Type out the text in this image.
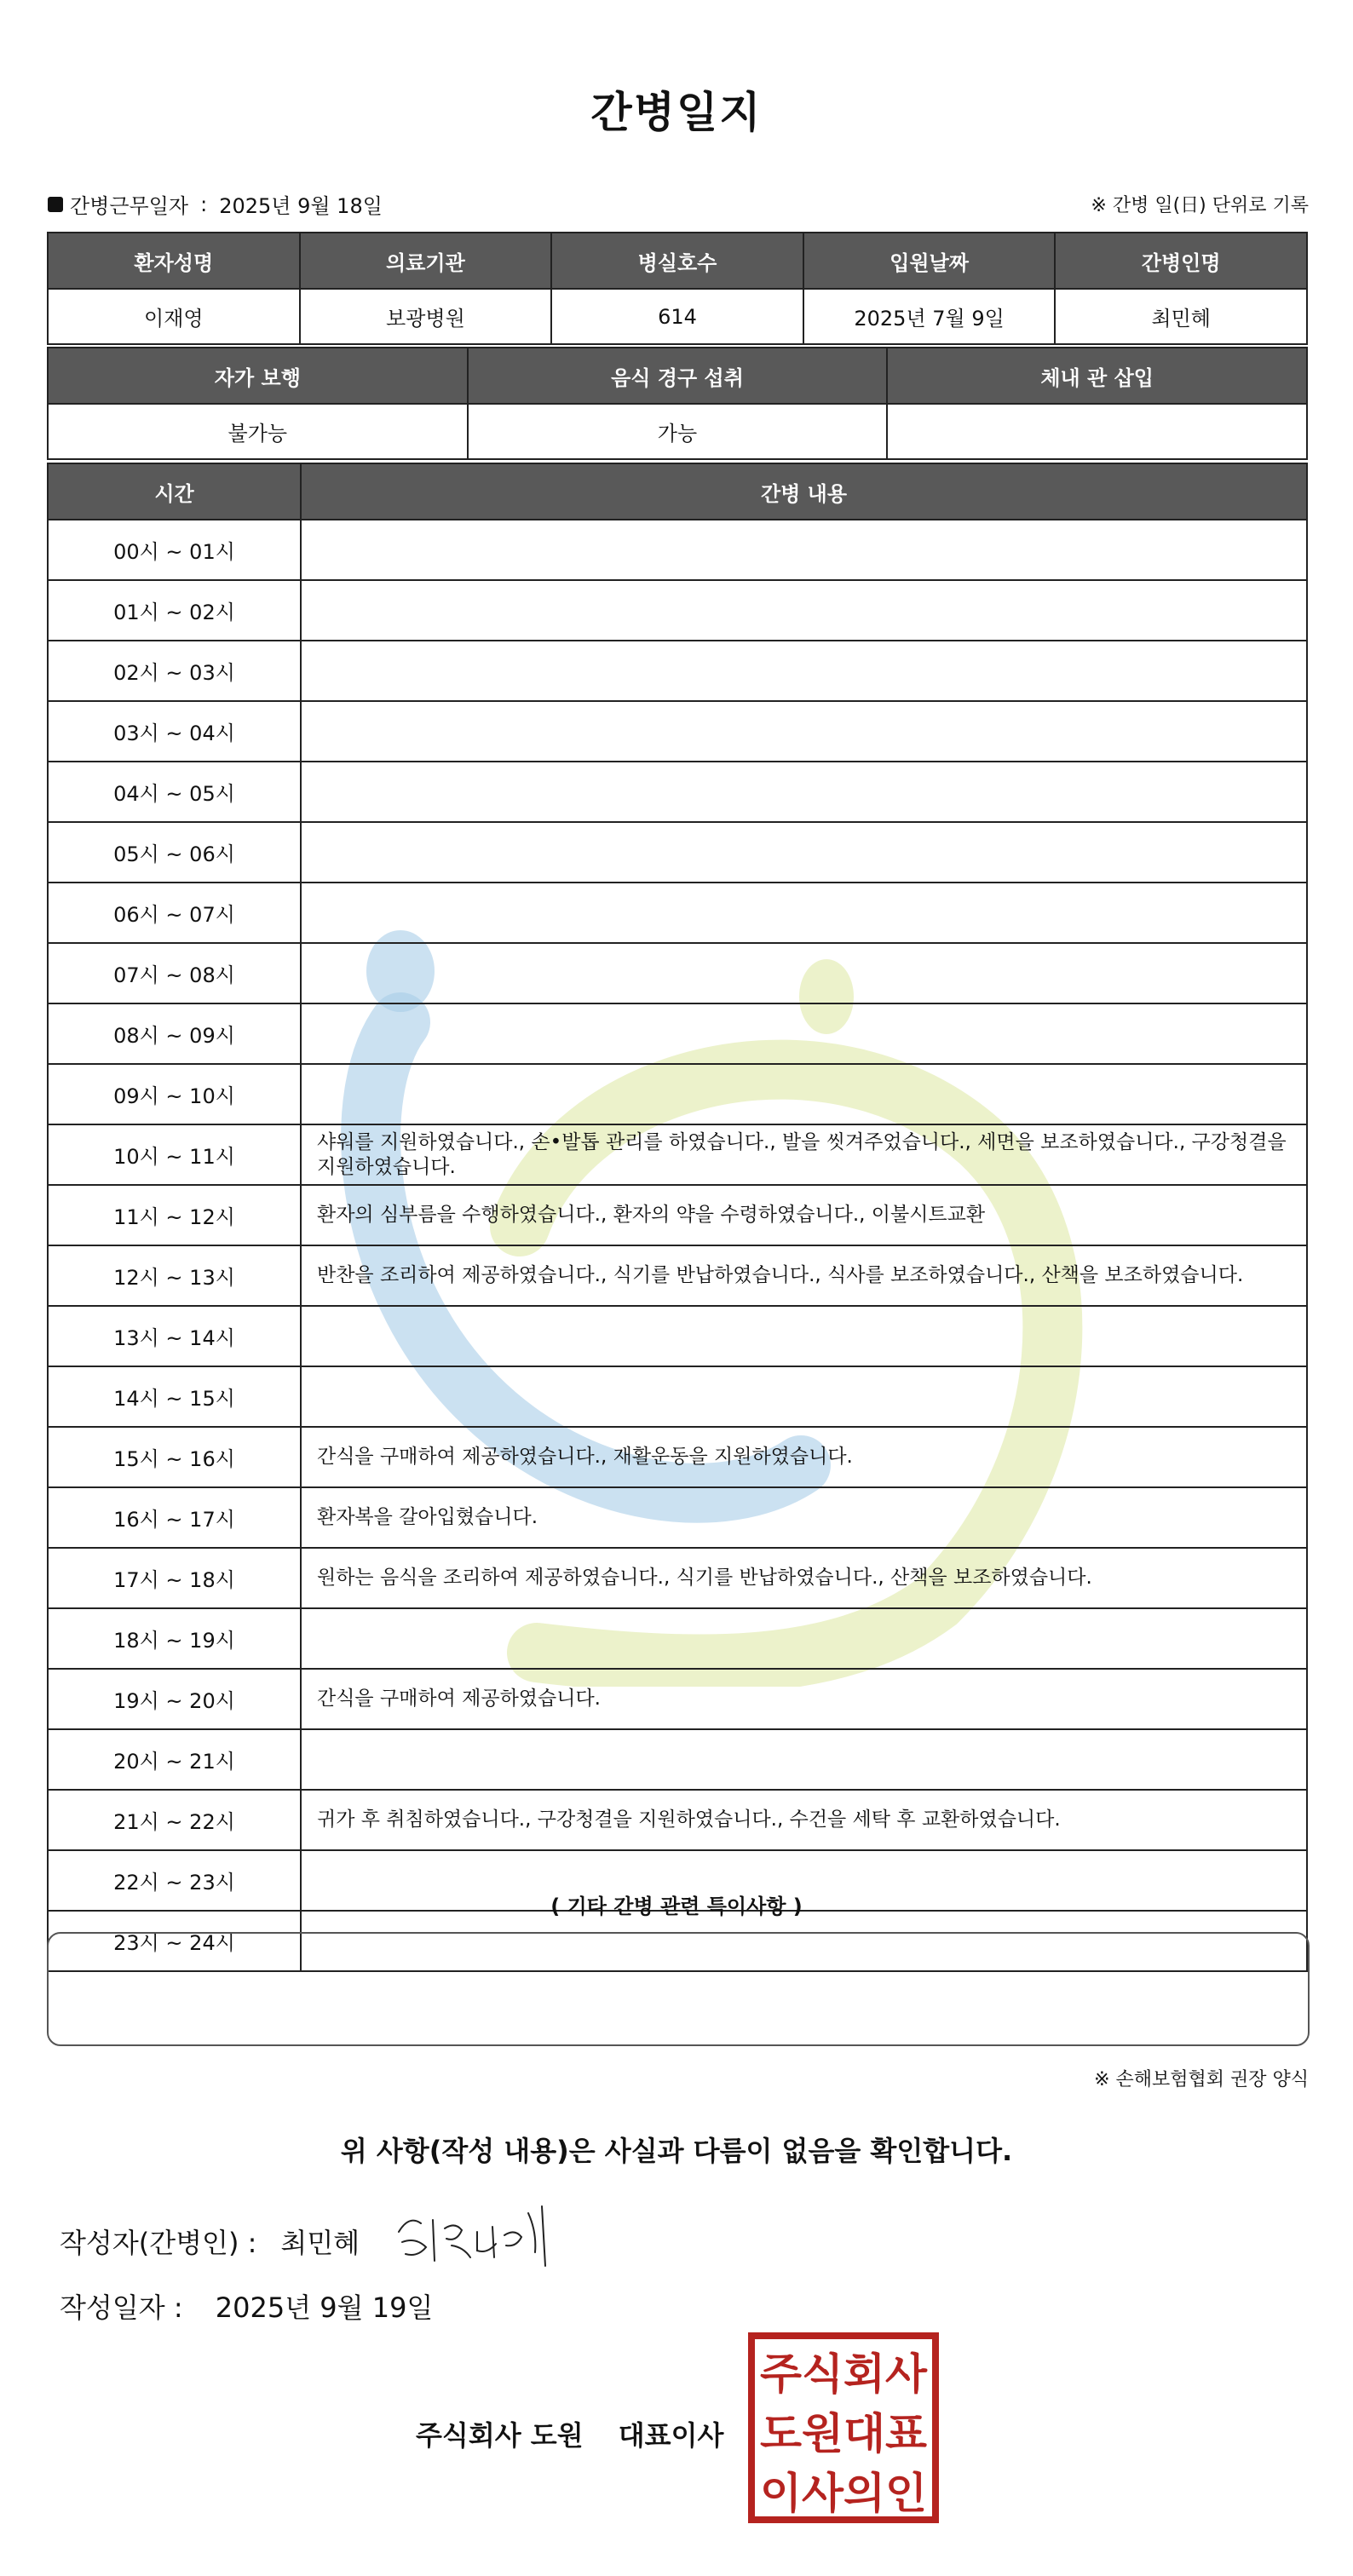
간병일지
간병근무일자 : 2025년 9월 18일	※ 간병 일(日) 단위로 기록
환자성명	의료기관	병실호수	입원날짜	간병인명
이재영	보광병원	614	2025년 7월 9일	최민혜
자가 보행	음식 경구 섭취	체내 관 삽입
불가능	가능	
시간	간병 내용
00시 ~ 01시	
01시 ~ 02시	
02시 ~ 03시	
03시 ~ 04시	
04시 ~ 05시	
05시 ~ 06시	
06시 ~ 07시	
07시 ~ 08시	
08시 ~ 09시	
09시 ~ 10시	
10시 ~ 11시	샤워를 지원하였습니다., 손•발톱 관리를 하였습니다., 발을 씻겨주었습니다., 세면을 보조하였습니다., 구강청결을 지원하였습니다.
11시 ~ 12시	환자의 심부름을 수행하였습니다., 환자의 약을 수령하였습니다., 이불시트교환
12시 ~ 13시	반찬을 조리하여 제공하였습니다., 식기를 반납하였습니다., 식사를 보조하였습니다., 산책을 보조하였습니다.
13시 ~ 14시	
14시 ~ 15시	
15시 ~ 16시	간식을 구매하여 제공하였습니다., 재활운동을 지원하였습니다.
16시 ~ 17시	환자복을 갈아입혔습니다.
17시 ~ 18시	원하는 음식을 조리하여 제공하였습니다., 식기를 반납하였습니다., 산책을 보조하였습니다.
18시 ~ 19시	
19시 ~ 20시	간식을 구매하여 제공하였습니다.
20시 ~ 21시	
21시 ~ 22시	귀가 후 취침하였습니다., 구강청결을 지원하였습니다., 수건을 세탁 후 교환하였습니다.
22시 ~ 23시	
23시 ~ 24시	
( 기타 간병 관련 특이사항 )
※ 손해보험협회 권장 양식
위 사항(작성 내용)은 사실과 다름이 없음을 확인합니다.
작성자(간병인) : 최민혜
작성일자 : 2025년 9월 19일
주식회사 도원 대표이사
주식회사
도원대표
이사의인
